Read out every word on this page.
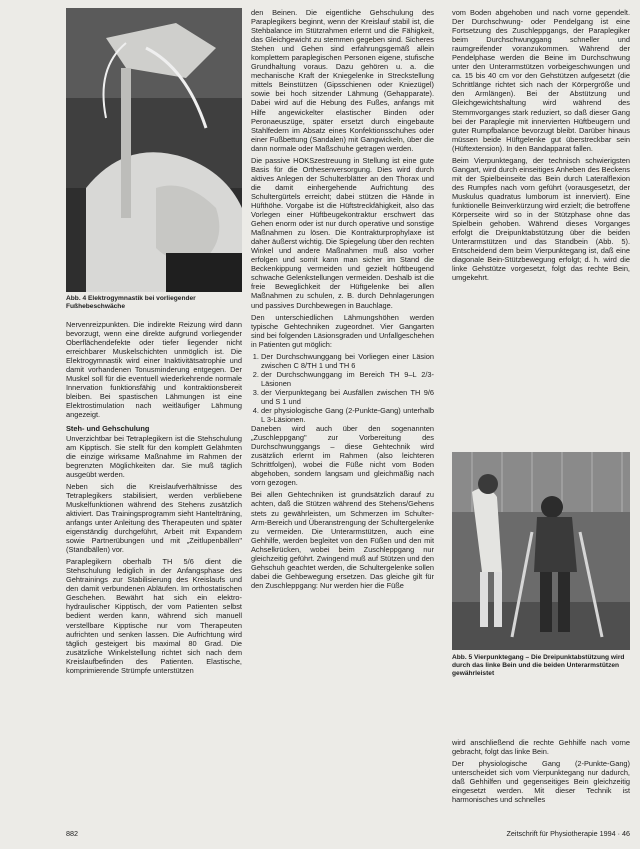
Abb. 4 Elektrogymnastik bei vorliegender Fußhebeschwäche

Nervenreizpunkten. Die indirekte Reizung wird dann bevorzugt, wenn eine direkte aufgrund vorliegender Oberflächendefekte oder tiefer liegender nicht erreichbarer Muskelschichten unmöglich ist. Die Elektrogymnastik wird einer Inaktivitätsatrophie und damit vorhandenen Tonusminderung entgegen. Der Muskel soll für die eventuell wiederkehrende normale Innervation funktionsfähig und kontraktionsbereit bleiben. Bei spastischen Lähmungen ist eine Elektrostimulation nach weitläufiger Lähmung angezeigt.

Steh- und Gehschulung

Unverzichtbar bei Tetraplegikern ist die Stehschulung am Kipptisch. Sie stellt für den komplett Gelähmten die einzige wirksame Maßnahme im Rahmen der begrenzten Möglichkeiten dar. Sie muß täglich ausgeübt werden.

Neben sich die Kreislaufverhältnisse des Tetraplegikers stabilisiert, werden verbliebene Muskelfunktionen während des Stehens zusätzlich aktiviert. Das Trainingsprogramm sieht Hantelträning, anfangs unter Anleitung des Therapeuten und später eigenständig durchgeführt, Arbeit mit Expandern sowie Partnerübungen und mit „Zeitlupenbällen" (Standbällen) vor.

Paraplegikern oberhalb TH 5/6 dient die Stehschulung lediglich in der Anfangsphase des Gehtrainings zur Stabilisierung des Kreislaufs und den damit verbundenen Abläufen. Im orthostatischen Geschehen. Bewährt hat sich ein elektro-hydraulischer Kipptisch, der vom Patienten selbst bedient werden kann, während sich manuell verstellbare Kipptische nur vom Therapeuten aufrichten und senken lassen. Die Aufrichtung wird täglich gesteigert bis maximal 80 Grad. Die zusätzliche Winkelstellung richtet sich nach dem Kreislaufbefinden des Patienten. Elastische, komprimierende Strümpfe unterstützen

den Beinen. Die eigentliche Gehschulung des Paraplegikers beginnt, wenn der Kreislauf stabil ist, die Stehbalance im Stützrahmen erlernt und die Fähigkeit, das Gleichgewicht zu stemmen gegeben sind. Sicheres Stehen und Gehen sind erfahrungsgemäß allein komplettem paraplegischen Personen eigene, stufische Grundhaltung voraus. Dazu gehören u. a. die mechanische Kraft der Kniegelenke in Streckstellung mittels Beinstützen (Gipsschienen oder Kniezügel) sowie bei hoch sitzender Lähmung (Gehapparate). Dabei wird auf die Hebung des Fußes, anfangs mit Hilfe angewickelter elastischer Binden oder Peronaeuszüge, später ersetzt durch eingebaute Stahlfedern im Absatz eines Konfektionsschuhes oder einer Fußbettung (Sandalen) mit Gangwickeln, über die dann normale oder Maßschuhe getragen werden.

Die passive HOKSzestreuung in Stellung ist eine gute Basis für die Orthesenversorgung. Dies wird durch aktives Anlegen der Schulterblätter an den Thorax und die damit einhergehende Aufrichtung des Schultergürtels erreicht; dabei stützen die Hände in Hüfthöhe. Vorgabe ist die Hüftstreckfähigkeit, also das Vorlegen einer Hüftbeugekontraktur erschwert das Gehen enorm oder ist nur durch operative und sonstige Maßnahmen zu lösen. Die Kontrakturprophylaxe ist daher äußerst wichtig. Die Spiegelung über den rechten Winkel und andere Maßnahmen muß also vorher erfolgen und somit kann man sicher im Stand die Beckenkippung vermeiden und gezielt hüftbeugend schwache Gelenkstellungen vermeiden. Deshalb ist die freie Beweglichkeit der Hüftgelenke bei allen Maßnahmen zu schulen, z. B. durch Dehnlagerungen und passives Durchbewegen in Bauchlage.

Den unterschiedlichen Lähmungshöhen werden typische Gehtechniken zugeordnet. Vier Gangarten sind bei folgenden Läsionsgraden und Unfallgeschehen in Patienten gut möglich:

1. Der Durchschwunggang bei Vorliegen einer Läsion zwischen C 8/TH 1 und TH 6
2. der Durchschwunggang im Bereich TH 9–L 2/3-Läsionen
3. der Vierpunktegang bei Ausfällen zwischen TH 9/6 und S 1 und
4. der physiologische Gang (2-Punkte-Gang) unterhalb L 3-Läsionen.

Daneben wird auch über den sogenannten „Zuschleppgang" zur Vorbereitung des Durchschwunggangs – diese Gehtechnik wird zusätzlich erlernt im Rahmen (also leichteren Schrittfolgen), wobei die Füße nicht vom Boden abgehoben, sondern langsam und gleichmäßig nach vorn gezogen.

Bei allen Gehtechniken ist grundsätzlich darauf zu achten, daß die Stützen während des Stehens/Gehens stets zu gewährleisten, um Schmerzen im Schulter-Arm-Bereich und Überanstrengung der Schultergelenke zu vermeiden. Die Unterarmstützen, auch eine Gehhilfe, werden begleitet von den Füßen und den mit Achselkrücken, wobei beim Zuschleppgang nur gleichzeitig geführt. Zwingend muß auf Stützen und den Gehschuh geachtet werden, die Schultergelenke sollen dabei die Gehbewegung ersetzen. Das gleiche gilt für den Zuschleppgang: Nur werden hier die Füße

vom Boden abgehoben und nach vorne gependelt. Der Durchschwung- oder Pendelgang ist eine Fortsetzung des Zuschleppgangs, der Paraplegiker beim Durchschwunggang schneller und raumgreifender voranzukommen. Während der Pendelphase werden die Beine im Durchschwung unter den Unterarmstützen vorbeigeschwungen und ca. 15 bis 40 cm vor den Gehstützen aufgesetzt (die Schrittlänge richtet sich nach der Körpergröße und den Armlängen). Bei der Abstützung und Gleichgewichtshaltung wird während des Stemmvorganges stark reduziert, so daß dieser Gang bei der Paraplegie mit innervierten Hüftbeugern und guter Rumpfbalance bevorzugt bleibt. Darüber hinaus müssen beide Hüftgelenke gut überstreckbar sein (Hüftextension). In den Bandapparat fallen.

Beim Vierpunktegang, der technisch schwierigsten Gangart, wird durch einseitiges Anheben des Beckens mit der Spielbeinseite das Bein durch Lateralflexion des Rumpfes nach vorn geführt (vorausgesetzt, der Muskulus quadratus lumborum ist innerviert). Eine funktionelle Beinverkürzung wird erzielt; die betroffene Körperseite wird so in der Stützphase ohne das Spielbein gehoben. Während dieses Vorganges erfolgt die Dreipunktabstützung über die beiden Unterarmstützen und das Standbein (Abb. 5). Entscheidend dem beim Vierpunktegang ist, daß eine diagonale Bein-Stützbewegung erfolgt; d. h. wird die linke Gehstütze vorgesetzt, folgt das rechte Bein, umgekehrt.

Abb. 5 Vierpunktegang – Die Dreipunktabstützung wird durch das linke Bein und die beiden Unterarmstützen gewährleistet

wird anschließend die rechte Gehhilfe nach vorne gebracht, folgt das linke Bein.

Der physiologische Gang (2-Punkte-Gang) unterscheidet sich vom Vierpunktegang nur dadurch, daß Gehhilfen und gegenseitiges Bein gleichzeitig eingesetzt werden. Mit dieser Technik ist harmonisches und schnelles

882	Zeitschrift für Physiotherapie 1994 · 46
